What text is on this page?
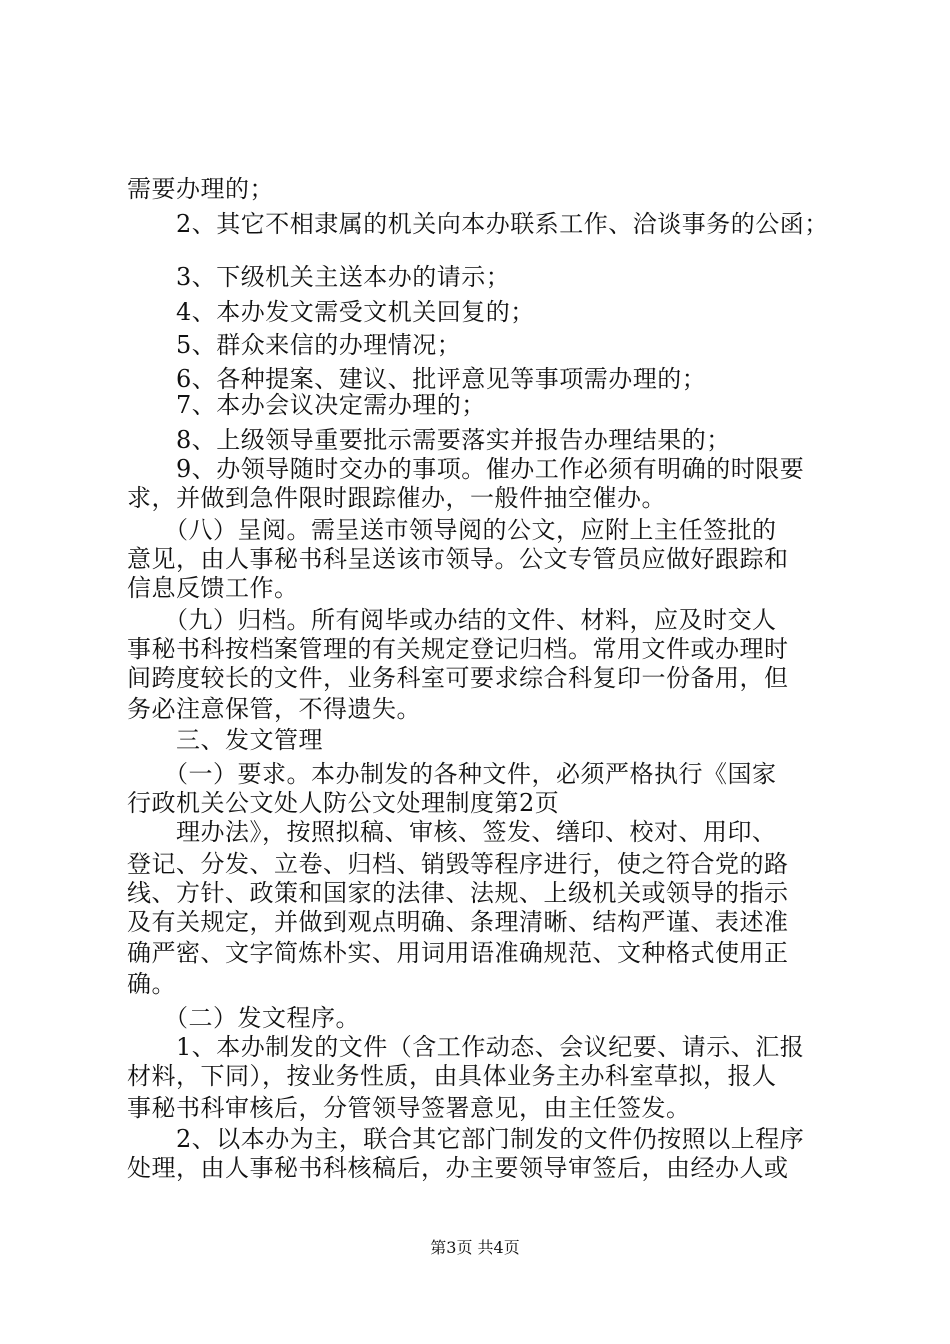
需要办理的；
　　2、其它不相隶属的机关向本办联系工作、洽谈事务的公函；
　　3、下级机关主送本办的请示；
　　4、本办发文需受文机关回复的；
　　5、群众来信的办理情况；
　　6、各种提案、建议、批评意见等事项需办理的；
　　7、本办会议决定需办理的；
　　8、上级领导重要批示需要落实并报告办理结果的；
　　9、办领导随时交办的事项。催办工作必须有明确的时限要
求，并做到急件限时跟踪催办，一般件抽空催办。
　　（八）呈阅。需呈送市领导阅的公文，应附上主任签批的
意见，由人事秘书科呈送该市领导。公文专管员应做好跟踪和
信息反馈工作。
　　（九）归档。所有阅毕或办结的文件、材料，应及时交人
事秘书科按档案管理的有关规定登记归档。常用文件或办理时
间跨度较长的文件，业务科室可要求综合科复印一份备用，但
务必注意保管，不得遗失。
　　三、发文管理
　　（一）要求。本办制发的各种文件，必须严格执行《国家
行政机关公文处人防公文处理制度第2页
　　理办法》，按照拟稿、审核、签发、缮印、校对、用印、
登记、分发、立卷、归档、销毁等程序进行，使之符合党的路
线、方针、政策和国家的法律、法规、上级机关或领导的指示
及有关规定，并做到观点明确、条理清晰、结构严谨、表述准
确严密、文字简炼朴实、用词用语准确规范、文种格式使用正
确。
　　（二）发文程序。
　　1、本办制发的文件（含工作动态、会议纪要、请示、汇报
材料，下同），按业务性质，由具体业务主办科室草拟，报人
事秘书科审核后，分管领导签署意见，由主任签发。
　　2、以本办为主，联合其它部门制发的文件仍按照以上程序
处理，由人事秘书科核稿后，办主要领导审签后，由经办人或
第3页 共4页
